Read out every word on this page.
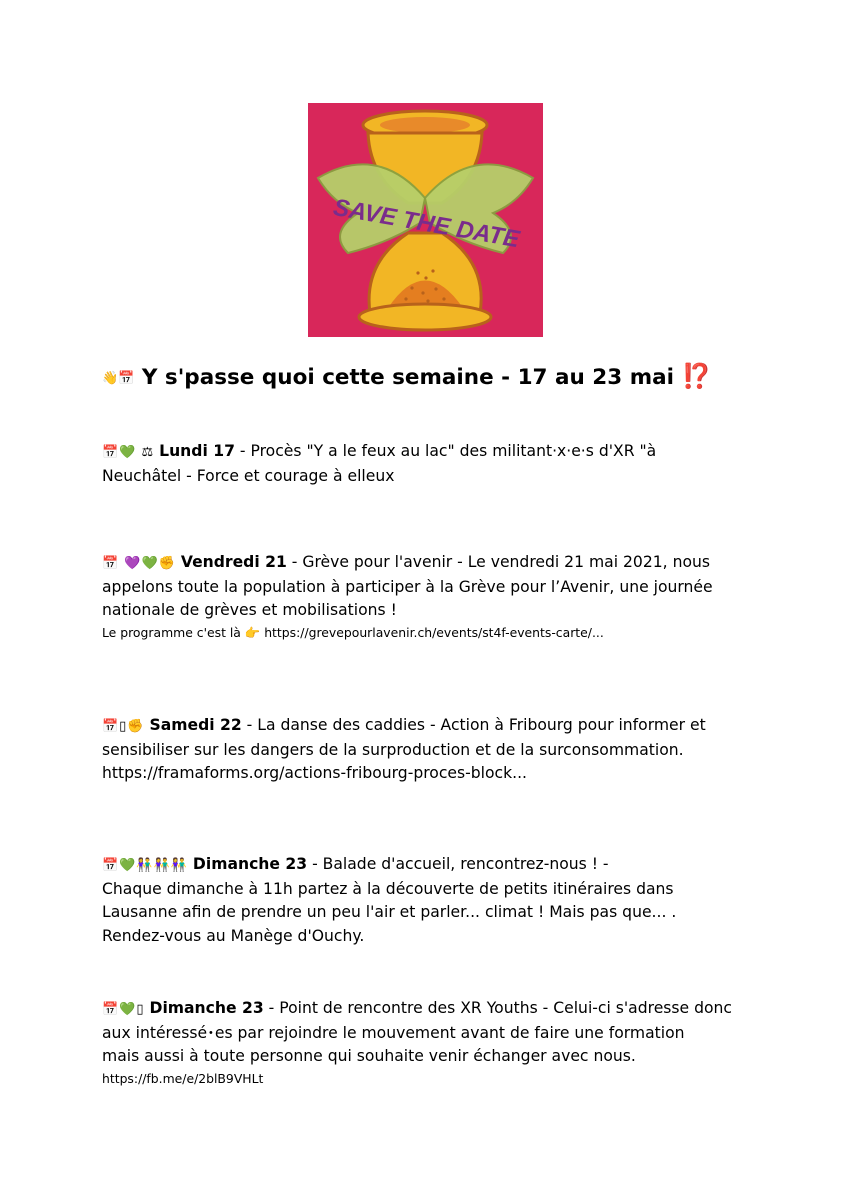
SAVE THE DATE
👋📅 Y s'passe quoi cette semaine - 17 au 23 mai ⁉️
📅💚 ⚖ Lundi 17 - Procès "Y a le feux au lac" des militant·x·e·s d'XR "à
Neuchâtel - Force et courage à elleux
📅 💜💚✊ Vendredi 21 - Grève pour l'avenir - Le vendredi 21 mai 2021, nous
appelons toute la population à participer à la Grève pour l’Avenir, une journée
nationale de grèves et mobilisations !
Le programme c'est là 👉 https://grevepourlavenir.ch/events/st4f-events-carte/...
📅▯✊ Samedi 22 - La danse des caddies - Action à Fribourg pour informer et
sensibiliser sur les dangers de la surproduction et de la surconsommation.
https://framaforms.org/actions-fribourg-proces-block...
📅💚👫👫👫 Dimanche 23 - Balade d'accueil, rencontrez-nous ! -
Chaque dimanche à 11h partez à la découverte de petits itinéraires dans
Lausanne afin de prendre un peu l'air et parler... climat ! Mais pas que... .
Rendez-vous au Manège d'Ouchy.
📅💚▯ Dimanche 23 - Point de rencontre des XR Youths - Celui-ci s'adresse donc
aux intéressé･es par rejoindre le mouvement avant de faire une formation
mais aussi à toute personne qui souhaite venir échanger avec nous.
https://fb.me/e/2blB9VHLt
